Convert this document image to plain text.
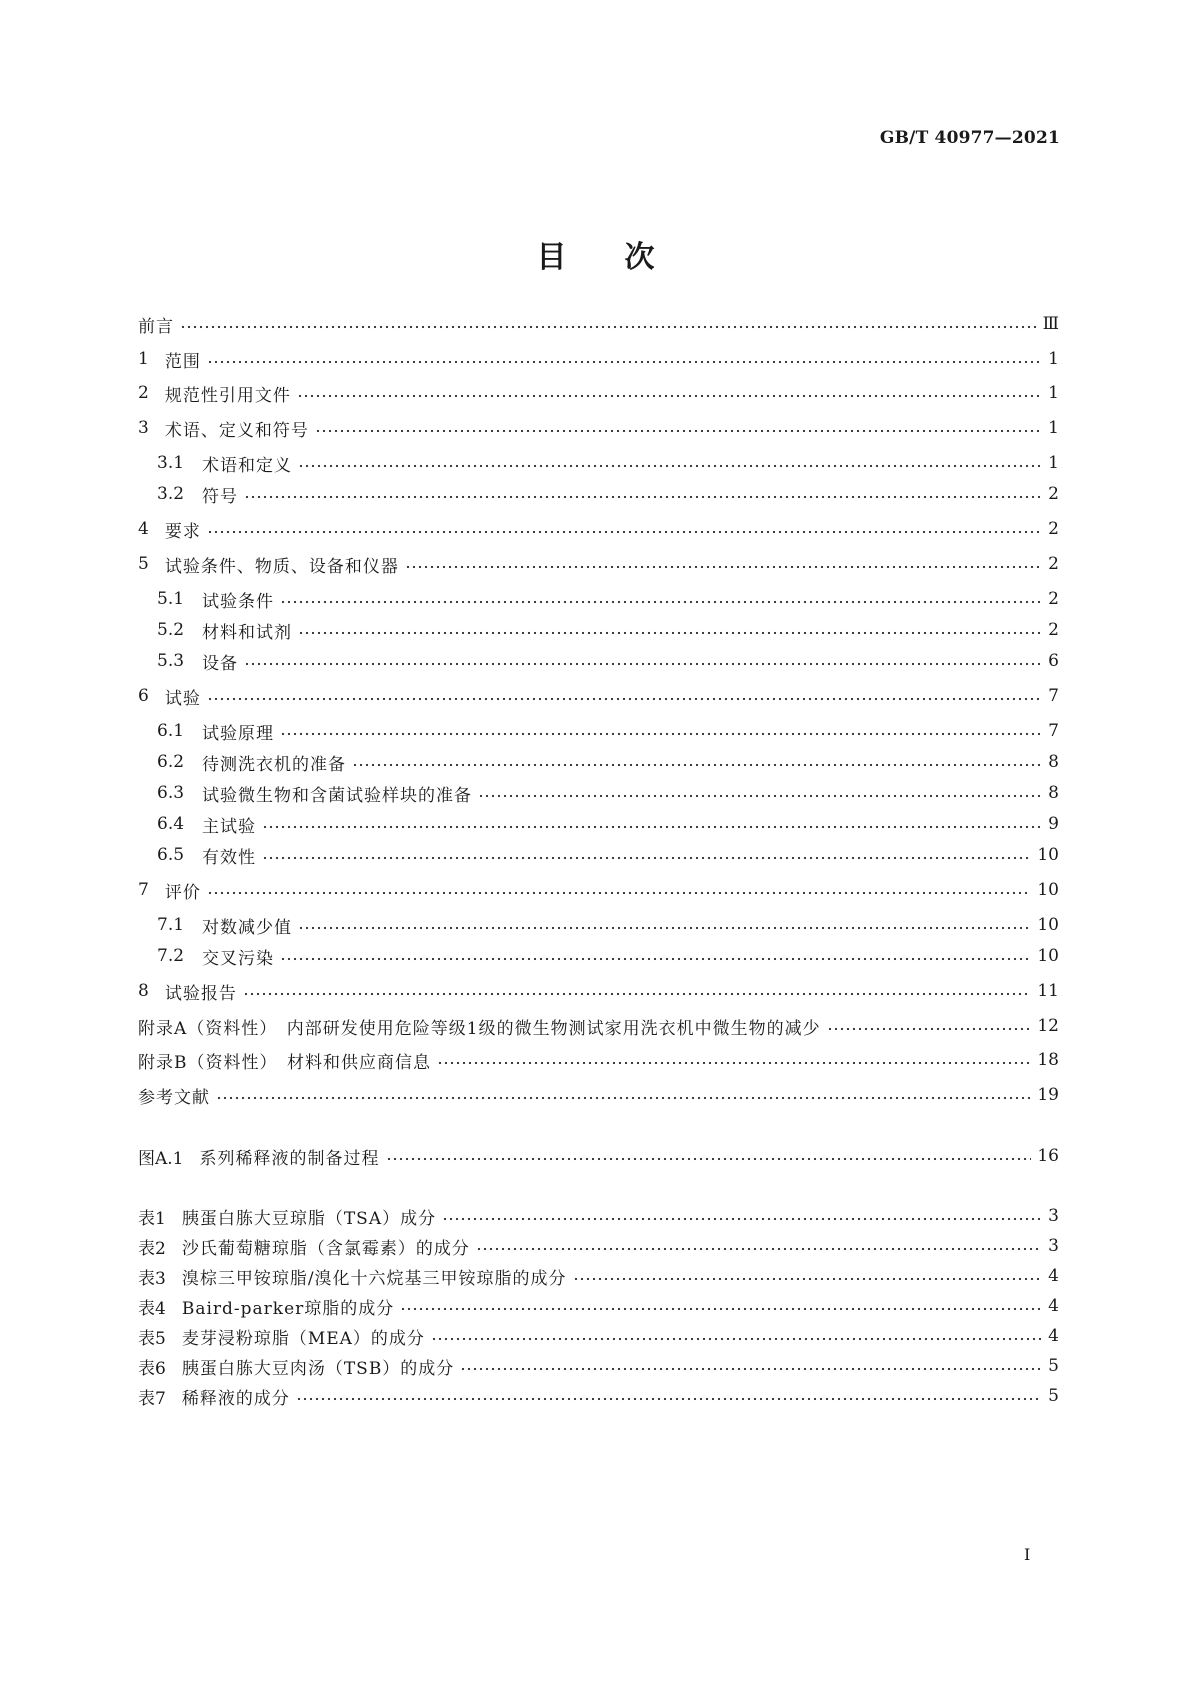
GB/T 40977—2021
目次
前言	Ⅲ
1 范围	1
2 规范性引用文件	1
3 术语、定义和符号	1
3.1 术语和定义	1
3.2 符号	2
4 要求	2
5 试验条件、物质、设备和仪器	2
5.1 试验条件	2
5.2 材料和试剂	2
5.3 设备	6
6 试验	7
6.1 试验原理	7
6.2 待测洗衣机的准备	8
6.3 试验微生物和含菌试验样块的准备	8
6.4 主试验	9
6.5 有效性	10
7 评价	10
7.1 对数减少值	10
7.2 交叉污染	10
8 试验报告	11
附录A（资料性）　内部研发使用危险等级1级的微生物测试家用洗衣机中微生物的减少	12
附录B（资料性）　材料和供应商信息	18
参考文献	19
图A.1 系列稀释液的制备过程	16
表1 胰蛋白胨大豆琼脂（TSA）成分	3
表2 沙氏葡萄糖琼脂（含氯霉素）的成分	3
表3 溴棕三甲铵琼脂/溴化十六烷基三甲铵琼脂的成分	4
表4 Baird-parker琼脂的成分	4
表5 麦芽浸粉琼脂（MEA）的成分	4
表6 胰蛋白胨大豆肉汤（TSB）的成分	5
表7 稀释液的成分	5
I
